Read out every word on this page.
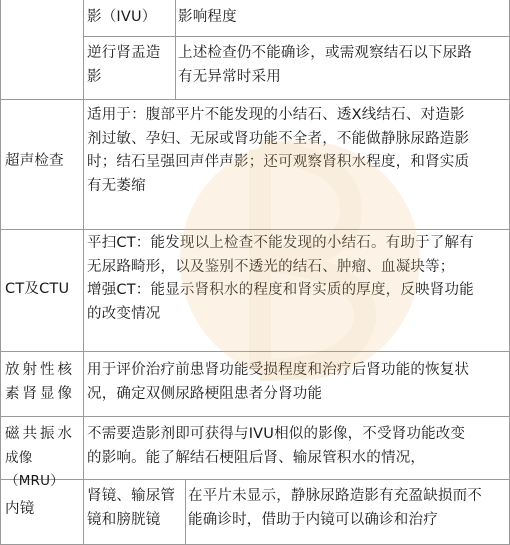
影（IVU）	影响程度
逆行肾盂造
影
上述检查仍不能确诊，或需观察结石以下尿路
有无异常时采用
超声检查
适用于：腹部平片不能发现的小结石、透X线结石、对造影
剂过敏、孕妇、无尿或肾功能不全者，不能做静脉尿路造影
时；结石呈强回声伴声影；还可观察肾积水程度，和肾实质
有无萎缩
CT及CTU
平扫CT：能发现以上检查不能发现的小结石。有助于了解有
无尿路畸形，以及鉴别不透光的结石、肿瘤、血凝块等；
增强CT：能显示肾积水的程度和肾实质的厚度，反映肾功能
的改变情况
放射性核
素肾显像
用于评价治疗前患肾功能受损程度和治疗后肾功能的恢复状
况，确定双侧尿路梗阻患者分肾功能
磁共振水
成像（MRU）
不需要造影剂即可获得与IVU相似的影像，不受肾功能改变
的影响。能了解结石梗阻后肾、输尿管积水的情况，
内镜
肾镜、输尿管
镜和膀胱镜
在平片未显示，静脉尿路造影有充盈缺损而不
能确诊时，借助于内镜可以确诊和治疗
